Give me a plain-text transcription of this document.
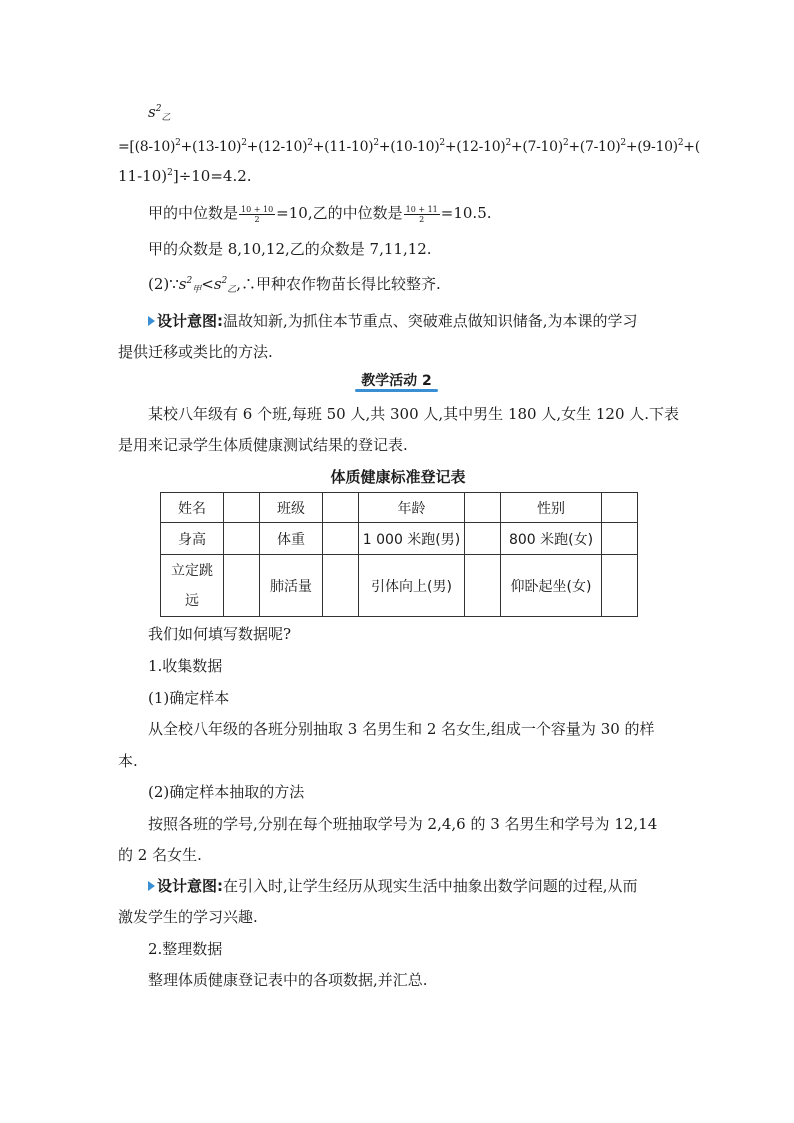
$s^2_乙$
$=[(8-10)^2+(13-10)^2+(12-10)^2+(11-10)^2+(10-10)^2+(12-10)^2+(7-10)^2+(7-10)^2+(9-10)^2+$(
11-10)$^2$]÷10=4.2.
甲的中位数是 $\frac{10 + 10}{2} =10$,乙的中位数是 $\frac{10 + 11}{2} =10.5$.
甲的众数是 8,10,12,乙的众数是 7,11,12.
$(2)\because s^2_甲<s^2_乙,\therefore$甲种农作物苗长得比较整齐.
设计意图:温故知新,为抓住本节重点、突破难点做知识储备,为本课的学习
提供迁移或类比的方法.
教学活动 2
某校八年级有 6 个班,每班 50 人,共 300 人,其中男生 180 人,女生 120 人.下表
是用来记录学生体质健康测试结果的登记表.
体质健康标准登记表
姓名		班级		年龄		性别	
身高		体重		1 000 米跑(男)		800 米跑(女)	
立定跳
远		肺活量		引体向上(男)		仰卧起坐(女)	
我们如何填写数据呢?
1.收集数据
(1)确定样本
从全校八年级的各班分别抽取 3 名男生和 2 名女生,组成一个容量为 30 的样
本.
(2)确定样本抽取的方法
按照各班的学号,分别在每个班抽取学号为 2,4,6 的 3 名男生和学号为 12,14
的 2 名女生.
设计意图:在引入时,让学生经历从现实生活中抽象出数学问题的过程,从而
激发学生的学习兴趣.
2.整理数据
整理体质健康登记表中的各项数据,并汇总.
